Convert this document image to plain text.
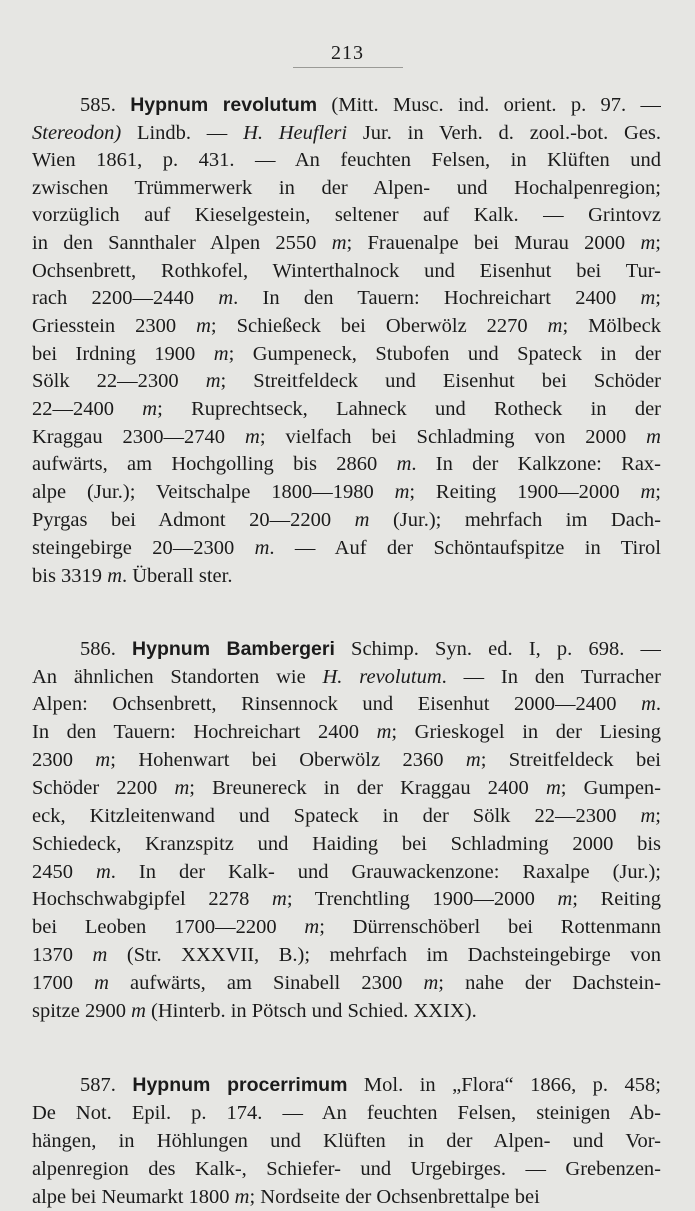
213
585. Hypnum revolutum (Mitt. Musc. ind. orient. p. 97. —
Stereodon) Lindb. — H. Heufleri Jur. in Verh. d. zool.-bot. Ges.
Wien 1861, p. 431. — An feuchten Felsen, in Klüften und
zwischen Trümmerwerk in der Alpen- und Hochalpenregion;
vorzüglich auf Kieselgestein, seltener auf Kalk. — Grintovz
in den Sannthaler Alpen 2550 m; Frauenalpe bei Murau 2000 m;
Ochsenbrett, Rothkofel, Winterthalnock und Eisenhut bei Tur-
rach 2200—2440 m. In den Tauern: Hochreichart 2400 m;
Griesstein 2300 m; Schießeck bei Oberwölz 2270 m; Mölbeck
bei Irdning 1900 m; Gumpeneck, Stubofen und Spateck in der
Sölk 22—2300 m; Streitfeldeck und Eisenhut bei Schöder
22—2400 m; Ruprechtseck, Lahneck und Rotheck in der
Kraggau 2300—2740 m; vielfach bei Schladming von 2000 m
aufwärts, am Hochgolling bis 2860 m. In der Kalkzone: Rax-
alpe (Jur.); Veitschalpe 1800—1980 m; Reiting 1900—2000 m;
Pyrgas bei Admont 20—2200 m (Jur.); mehrfach im Dach-
steingebirge 20—2300 m. — Auf der Schöntaufspitze in Tirol
bis 3319 m. Überall ster.
586. Hypnum Bambergeri Schimp. Syn. ed. I, p. 698. —
An ähnlichen Standorten wie H. revolutum. — In den Turracher
Alpen: Ochsenbrett, Rinsennock und Eisenhut 2000—2400 m.
In den Tauern: Hochreichart 2400 m; Grieskogel in der Liesing
2300 m; Hohenwart bei Oberwölz 2360 m; Streitfeldeck bei
Schöder 2200 m; Breunereck in der Kraggau 2400 m; Gumpen-
eck, Kitzleitenwand und Spateck in der Sölk 22—2300 m;
Schiedeck, Kranzspitz und Haiding bei Schladming 2000 bis
2450 m. In der Kalk- und Grauwackenzone: Raxalpe (Jur.);
Hochschwabgipfel 2278 m; Trenchtling 1900—2000 m; Reiting
bei Leoben 1700—2200 m; Dürrenschöberl bei Rottenmann
1370 m (Str. XXXVII, B.); mehrfach im Dachsteingebirge von
1700 m aufwärts, am Sinabell 2300 m; nahe der Dachstein-
spitze 2900 m (Hinterb. in Pötsch und Schied. XXIX).
587. Hypnum procerrimum Mol. in „Flora“ 1866, p. 458;
De Not. Epil. p. 174. — An feuchten Felsen, steinigen Ab-
hängen, in Höhlungen und Klüften in der Alpen- und Vor-
alpenregion des Kalk-, Schiefer- und Urgebirges. — Grebenzen-
alpe bei Neumarkt 1800 m; Nordseite der Ochsenbrettalpe bei
